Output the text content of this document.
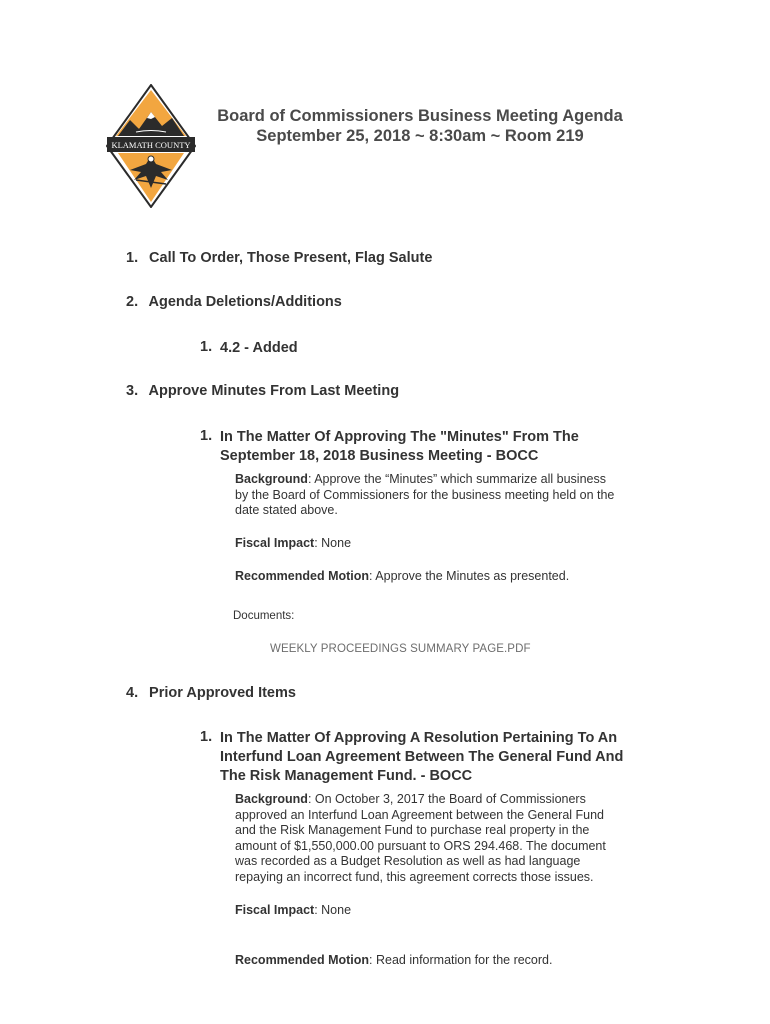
KLAMATH COUNTY
Board of Commissioners Business Meeting Agenda
September 25, 2018 ~ 8:30am ~ Room 219
1. Call To Order, Those Present, Flag Salute
2. Agenda Deletions/Additions
1. 4.2 - Added
3. Approve Minutes From Last Meeting
1. In The Matter Of Approving The "Minutes" From The
September 18, 2018 Business Meeting - BOCC
Background: Approve the “Minutes” which summarize all business
by the Board of Commissioners for the business meeting held on the
date stated above.
Fiscal Impact: None
Recommended Motion: Approve the Minutes as presented.
Documents:
WEEKLY PROCEEDINGS SUMMARY PAGE.PDF
4. Prior Approved Items
1. In The Matter Of Approving A Resolution Pertaining To An
Interfund Loan Agreement Between The General Fund And
The Risk Management Fund. - BOCC
Background: On October 3, 2017 the Board of Commissioners
approved an Interfund Loan Agreement between the General Fund
and the Risk Management Fund to purchase real property in the
amount of $1,550,000.00 pursuant to ORS 294.468. The document
was recorded as a Budget Resolution as well as had language
repaying an incorrect fund, this agreement corrects those issues.
Fiscal Impact: None
Recommended Motion: Read information for the record.
